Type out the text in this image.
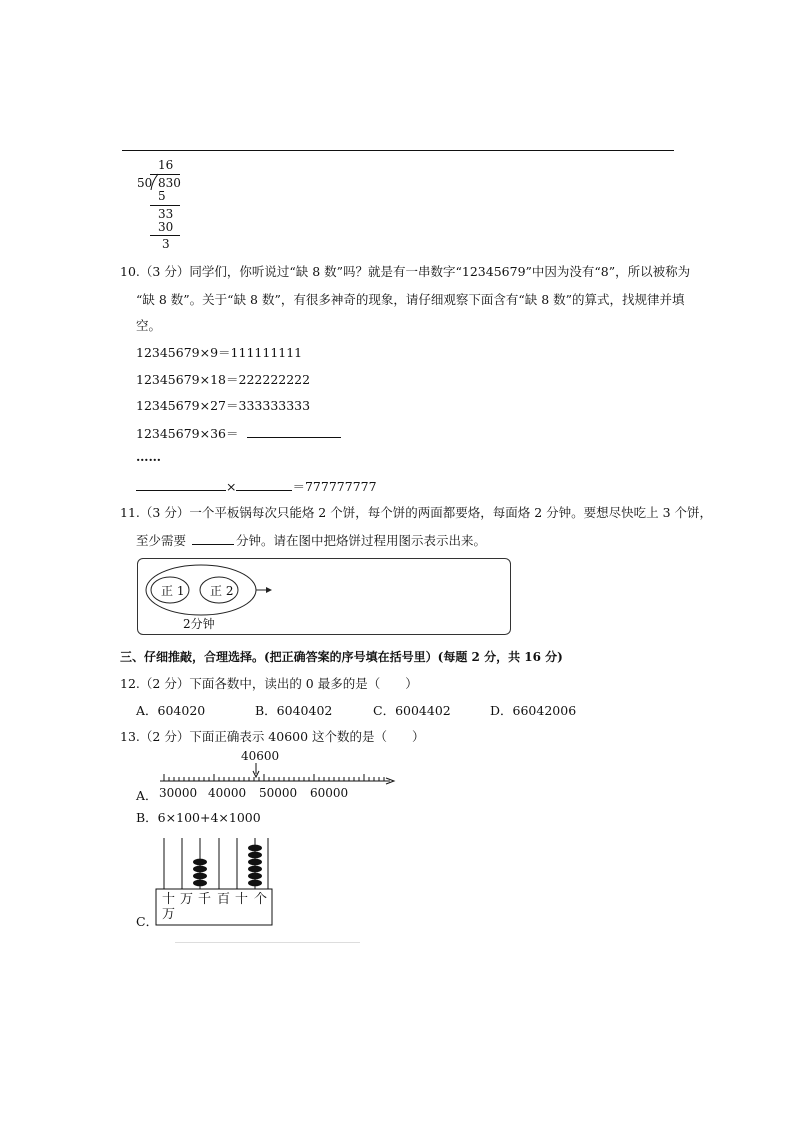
16
50 830
5
33
30
3
10.（3 分）同学们，你听说过“缺 8 数”吗？就是有一串数字“12345679”中因为没有“8”，所以被称为
“缺 8 数”。关于“缺 8 数”，有很多神奇的现象，请仔细观察下面含有“缺 8 数”的算式，找规律并填
空。
12345679×9＝111111111
12345679×18＝222222222
12345679×27＝333333333
12345679×36＝
……
×	＝777777777
11.（3 分）一个平板锅每次只能烙 2 个饼，每个饼的两面都要烙，每面烙 2 分钟。要想尽快吃上 3 个饼，
至少需要	分钟。请在图中把烙饼过程用图示表示出来。
正 1 正 2
2分钟
三、仔细推敲，合理选择。(把正确答案的序号填在括号里）(每题 2 分，共 16 分)
12.（2 分）下面各数中，读出的 0 最多的是（　　）
A．604020	B．6040402	C．6004402	D．66042006
13.（2 分）下面正确表示 40600 这个数的是（　　）
40600
A． 30000 40000 50000 60000
B．6×100+4×1000
十
万
万 千 百 十 个
C．
